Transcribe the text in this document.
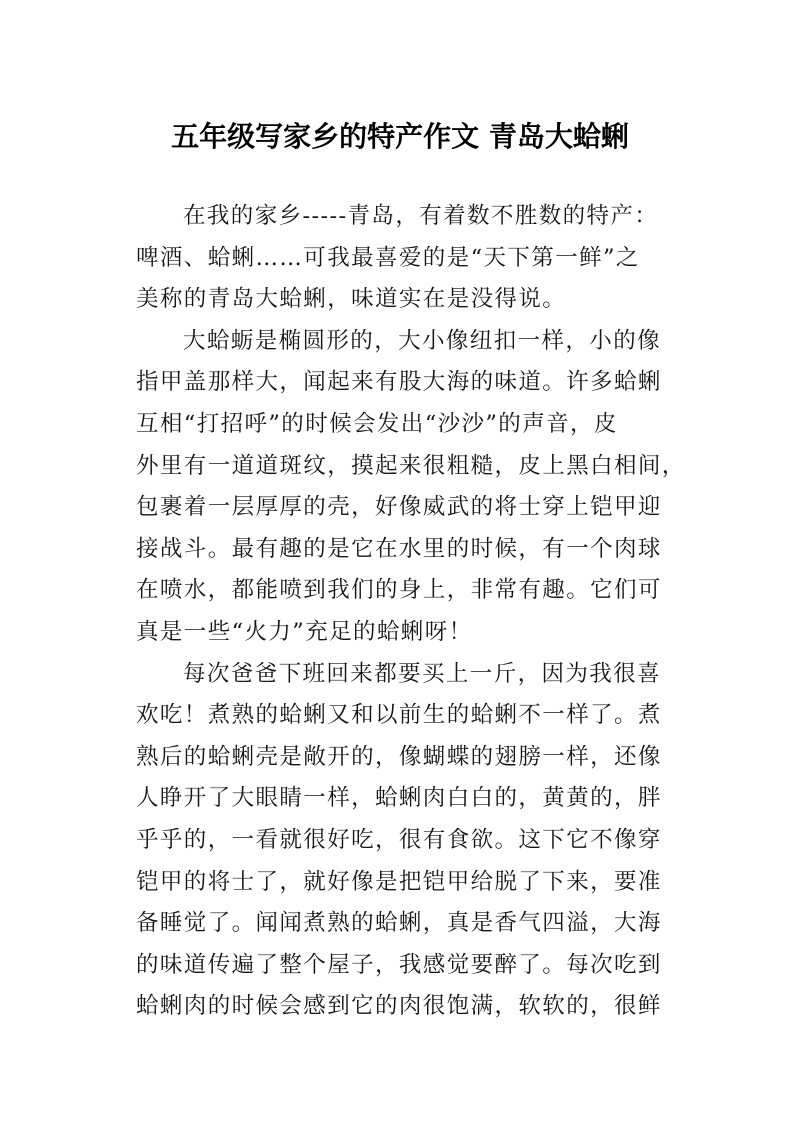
五年级写家乡的特产作文 青岛大蛤蜊
在我的家乡-----青岛，有着数不胜数的特产：
啤酒、蛤蜊……可我最喜爱的是“天下第一鲜”之
美称的青岛大蛤蜊，味道实在是没得说。
大蛤蛎是椭圆形的，大小像纽扣一样，小的像
指甲盖那样大，闻起来有股大海的味道。许多蛤蜊
互相“打招呼”的时候会发出“沙沙”的声音，皮
外里有一道道斑纹，摸起来很粗糙，皮上黑白相间，
包裹着一层厚厚的壳，好像威武的将士穿上铠甲迎
接战斗。最有趣的是它在水里的时候，有一个肉球
在喷水，都能喷到我们的身上，非常有趣。它们可
真是一些“火力”充足的蛤蜊呀！
每次爸爸下班回来都要买上一斤，因为我很喜
欢吃！煮熟的蛤蜊又和以前生的蛤蜊不一样了。煮
熟后的蛤蜊壳是敞开的，像蝴蝶的翅膀一样，还像
人睁开了大眼睛一样，蛤蜊肉白白的，黄黄的，胖
乎乎的，一看就很好吃，很有食欲。这下它不像穿
铠甲的将士了，就好像是把铠甲给脱了下来，要准
备睡觉了。闻闻煮熟的蛤蜊，真是香气四溢，大海
的味道传遍了整个屋子，我感觉要醉了。每次吃到
蛤蜊肉的时候会感到它的肉很饱满，软软的，很鲜
